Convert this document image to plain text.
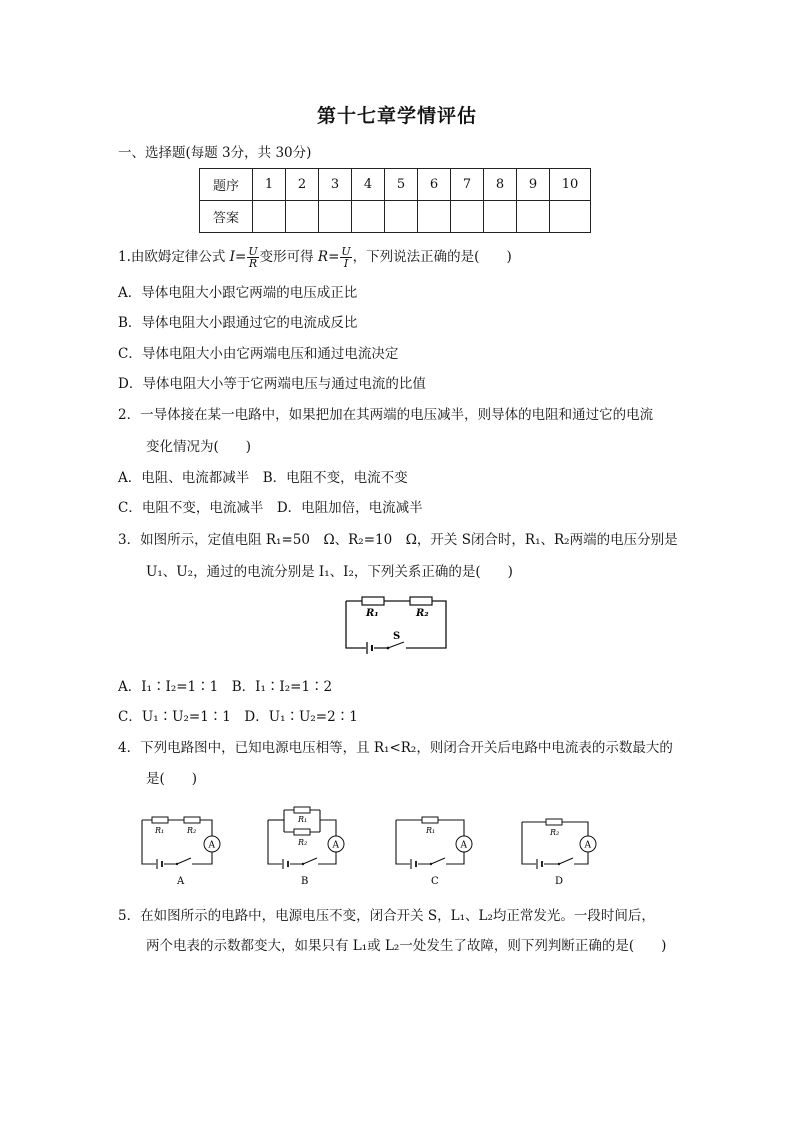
第十七章学情评估
一、选择题(每题 3分，共 30分)
题序	1	2	3	4	5	6	7	8	9	10
答案										
1.由欧姆定律公式 $I= \frac{U}{R}$ 变形可得 $R= \frac{U}{I}$ ，下列说法正确的是(　　)
A．导体电阻大小跟它两端的电压成正比
B．导体电阻大小跟通过它的电流成反比
C．导体电阻大小由它两端电压和通过电流决定
D．导体电阻大小等于它两端电压与通过电流的比值
2．一导体接在某一电路中，如果把加在其两端的电压减半，则导体的电阻和通过它的电流
变化情况为(　　)
A．电阻、电流都减半　B．电阻不变，电流不变
C．电阻不变，电流减半　D．电阻加倍，电流减半
3．如图所示，定值电阻 R₁=50　Ω、R₂=10　Ω，开关 S闭合时，R₁、R₂两端的电压分别是
U₁、U₂，通过的电流分别是 I₁、I₂，下列关系正确的是(　　)
R₁	R₂
S
A．I₁∶I₂=1∶1　B．I₁∶I₂=1∶2
C．U₁∶U₂=1∶1　D．U₁∶U₂=2∶1
4．下列电路图中，已知电源电压相等，且 R₁<R₂，则闭合开关后电路中电流表的示数最大的
是(　　)
R₁	R₂
A
A
R₁
R₂	A
B
R₁
A
C
R₂
A
D
5．在如图所示的电路中，电源电压不变，闭合开关 S，L₁、L₂均正常发光。一段时间后，
两个电表的示数都变大，如果只有 L₁或 L₂一处发生了故障，则下列判断正确的是(　　)
